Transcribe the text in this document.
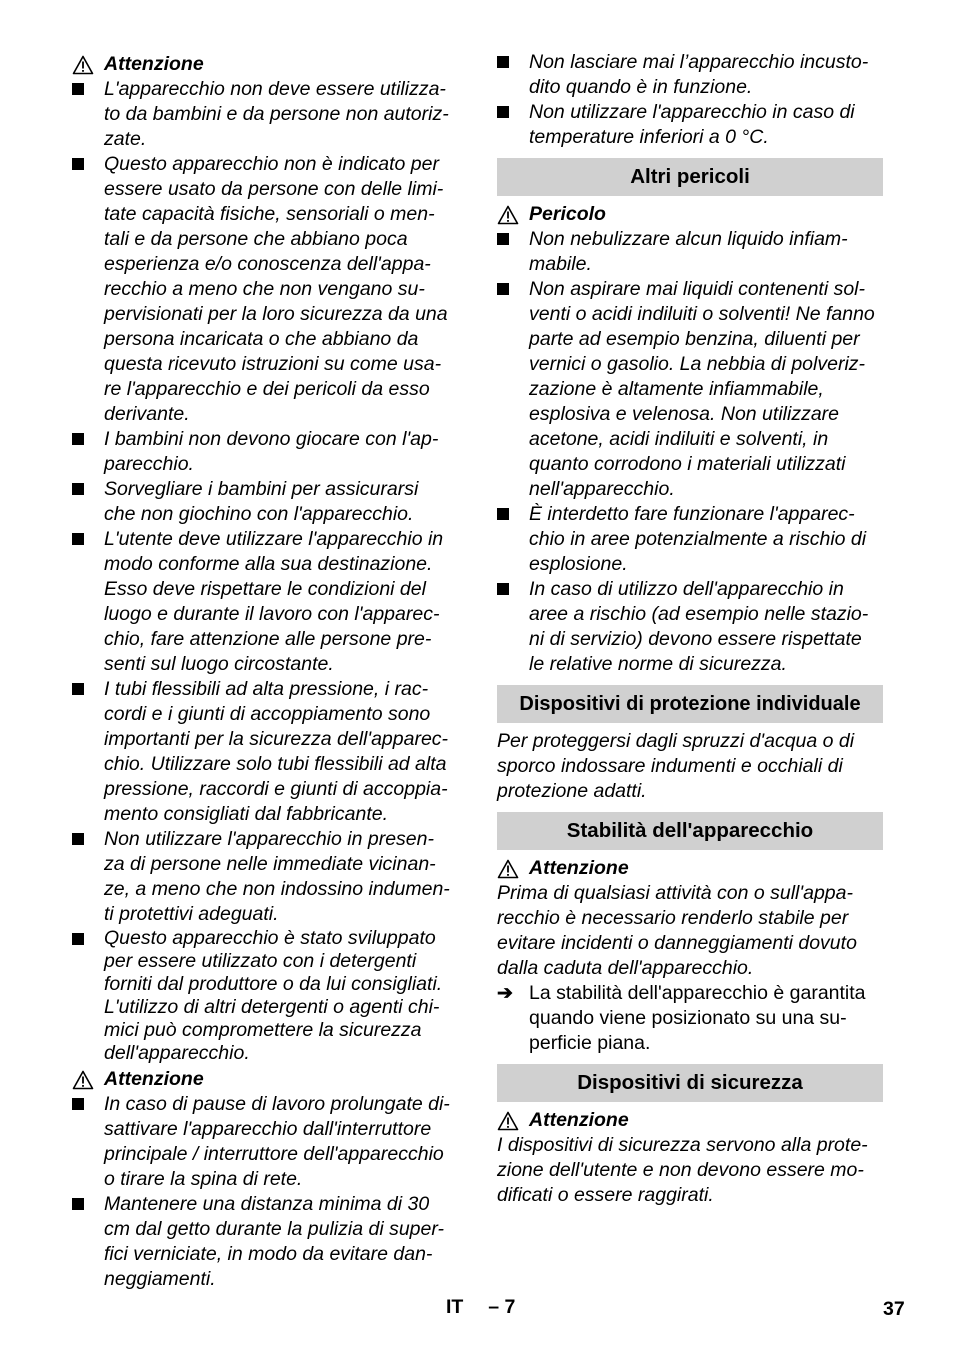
Attenzione
L'apparecchio non deve essere utilizza-
to da bambini e da persone non autoriz-
zate.
Questo apparecchio non è indicato per
essere usato da persone con delle limi-
tate capacità fisiche, sensoriali o men-
tali e da persone che abbiano poca
esperienza e/o conoscenza dell'appa-
recchio a meno che non vengano su-
pervisionati per la loro sicurezza da una
persona incaricata o che abbiano da
questa ricevuto istruzioni su come usa-
re l'apparecchio e dei pericoli da esso
derivante.
I bambini non devono giocare con l'ap-
parecchio.
Sorvegliare i bambini per assicurarsi
che non giochino con l'apparecchio.
L'utente deve utilizzare l'apparecchio in
modo conforme alla sua destinazione.
Esso deve rispettare le condizioni del
luogo e durante il lavoro con l'apparec-
chio, fare attenzione alle persone pre-
senti sul luogo circostante.
I tubi flessibili ad alta pressione, i rac-
cordi e i giunti di accoppiamento sono
importanti per la sicurezza dell'apparec-
chio. Utilizzare solo tubi flessibili ad alta
pressione, raccordi e giunti di accoppia-
mento consigliati dal fabbricante.
Non utilizzare l'apparecchio in presen-
za di persone nelle immediate vicinan-
ze, a meno che non indossino indumen-
ti protettivi adeguati.
Questo apparecchio è stato sviluppato
per essere utilizzato con i detergenti
forniti dal produttore o da lui consigliati.
L'utilizzo di altri detergenti o agenti chi-
mici può compromettere la sicurezza
dell'apparecchio.
Attenzione
In caso di pause di lavoro prolungate di-
sattivare l'apparecchio dall'interruttore
principale / interruttore dell'apparecchio
o tirare la spina di rete.
Mantenere una distanza minima di 30
cm dal getto durante la pulizia di super-
fici verniciate, in modo da evitare dan-
neggiamenti.
Non lasciare mai l’apparecchio incusto-
dito quando è in funzione.
Non utilizzare l'apparecchio in caso di
temperature inferiori a 0 °C.
Altri pericoli
Pericolo
Non nebulizzare alcun liquido infiam-
mabile.
Non aspirare mai liquidi contenenti sol-
venti o acidi indiluiti o solventi! Ne fanno
parte ad esempio benzina, diluenti per
vernici o gasolio. La nebbia di polveriz-
zazione è altamente infiammabile,
esplosiva e velenosa. Non utilizzare
acetone, acidi indiluiti e solventi, in
quanto corrodono i materiali utilizzati
nell'apparecchio.
È interdetto fare funzionare l'apparec-
chio in aree potenzialmente a rischio di
esplosione.
In caso di utilizzo dell'apparecchio in
aree a rischio (ad esempio nelle stazio-
ni di servizio) devono essere rispettate
le relative norme di sicurezza.
Dispositivi di protezione individuale
Per proteggersi dagli spruzzi d'acqua o di
sporco indossare indumenti e occhiali di
protezione adatti.
Stabilità dell'apparecchio
Attenzione
Prima di qualsiasi attività con o sull'appa-
recchio è necessario renderlo stabile per
evitare incidenti o danneggiamenti dovuto
dalla caduta dell'apparecchio.
➔ La stabilità dell'apparecchio è garantita
quando viene posizionato su una su-
perficie piana.
Dispositivi di sicurezza
Attenzione
I dispositivi di sicurezza servono alla prote-
zione dell'utente e non devono essere mo-
dificati o essere raggirati.
IT – 7	37
